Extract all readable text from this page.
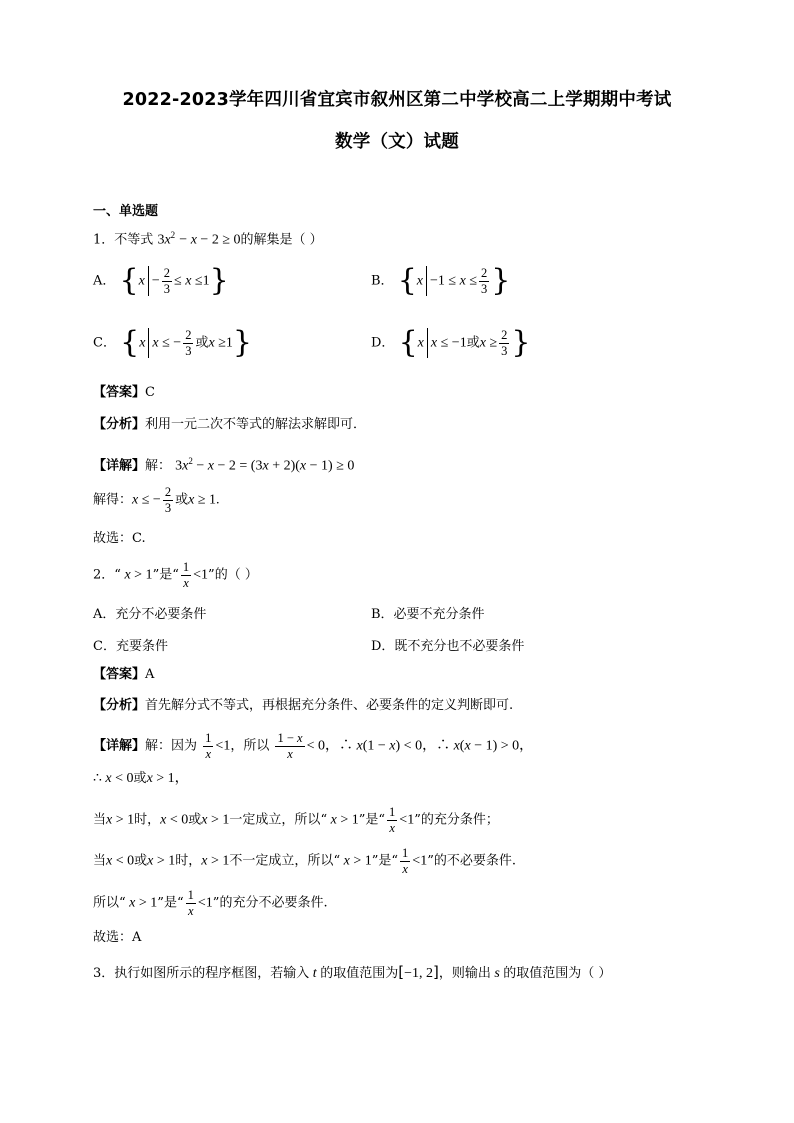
2022-2023学年四川省宜宾市叙州区第二中学校高二上学期期中考试
数学（文）试题
一、单选题
1．不等式 $3x^2 - x - 2 \ge 0$的解集是（ ）
A． $\{x - \frac{2}{3} \le x \le 1\}$	B． {$x -1 \le x \le \frac{2}{3}$ }
C． {x x ≤ − $\frac{2}{3}$ 或x ≥1}	D． {x x ≤ −1或$x \ge \frac{2}{3}$ }
【答案】C
【分析】利用一元二次不等式的解法求解即可．
【详解】解： $3x^2 - x - 2 = (3x + 2)(x - 1) \ge 0$
解得：x ≤ − $\frac{2}{3}$ 或x ≥ 1.
故选：C.
2．“ x > 1”是“ $\frac{1}{x} <1$”的（ ）
A．充分不必要条件	B．必要不充分条件
C．充要条件	D．既不充分也不必要条件
【答案】A
【分析】首先解分式不等式，再根据充分条件、必要条件的定义判断即可.
【详解】解：因为 $\frac{1}{x} <1$，所以 $\frac{1 - x}{x} < 0$，∴ x(1 − x) < 0，∴ x(x − 1) > 0，
∴ x < 0或x > 1，
当x > 1时，x < 0或x > 1一定成立，所以“ x > 1”是“ $\frac{1}{x} <1$”的充分条件；
当x < 0或x > 1时，x > 1不一定成立，所以“ x > 1”是“ $\frac{1}{x} <1$”的不必要条件.
所以“ x > 1”是“ $\frac{1}{x} <1$”的充分不必要条件.
故选：A
3．执行如图所示的程序框图，若输入 t 的取值范围为[−1, 2]，则输出 s 的取值范围为（ ）
